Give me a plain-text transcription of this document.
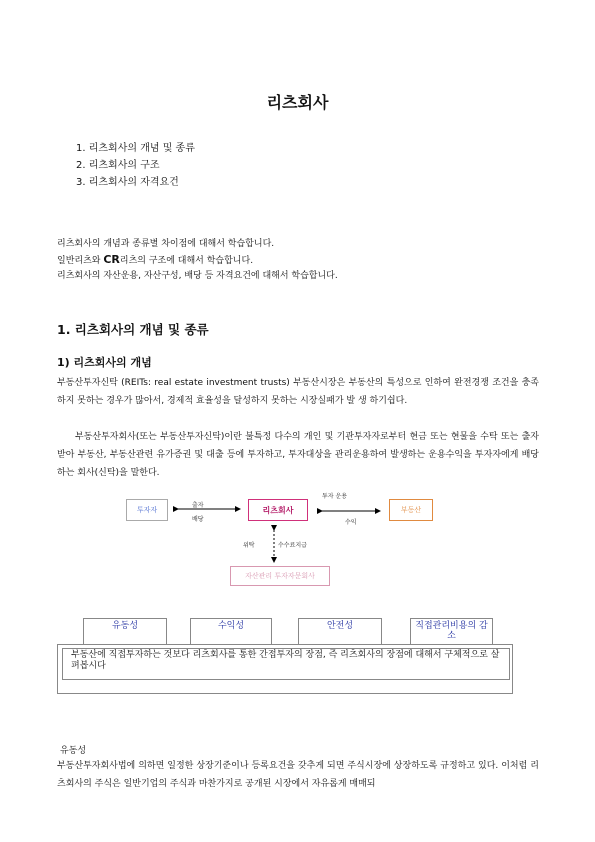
리츠회사
1. 리츠회사의 개념 및 종류
2. 리츠회사의 구조
3. 리츠회사의 자격요건
리츠회사의 개념과 종류별 차이점에 대해서 학습합니다.
일반리츠와 CR리츠의 구조에 대해서 학습합니다.
리츠회사의 자산운용, 자산구성, 배당 등 자격요건에 대해서 학습합니다.
1. 리츠회사의 개념 및 종류
1) 리츠회사의 개념
부동산투자신탁 (REITs: real estate investment trusts) 부동산시장은 부동산의 특성으로 인하여 완전경쟁 조건을 충족하지 못하는 경우가 많아서, 경제적 효율성을 달성하지 못하는 시장실패가 발 생 하기쉽다.
부동산투자회사(또는 부동산투자신탁)이란 불특정 다수의 개인 및 기관투자자로부터 현금 또는 현물을 수탁 또는 출자 받아 부동산, 부동산관련 유가증권 및 대출 등에 투자하고, 투자대상을 관리운용하여 발생하는 운용수익을 투자자에게 배당하는 회사(신탁)을 말한다.
투자자	리츠회사	부동산
자산관리 투자자문회사
출자
배당
투자 운용
수익
위탁	수수료지급
유동성	수익성	안전성	직접관리비용의 감소
부동산에 직접투자하는 것보다 리츠회사를 통한 간접투자의 장점, 즉 리츠회사의 장점에 대해서 구체적으로 살펴봅시다
유동성
부동산투자회사법에 의하면 일정한 상장기준이나 등록요건을 갖추게 되면 주식시장에 상장하도록 규정하고 있다. 이처럼 리츠회사의 주식은 일반기업의 주식과 마찬가지로 공개된 시장에서 자유롭게 매매되
